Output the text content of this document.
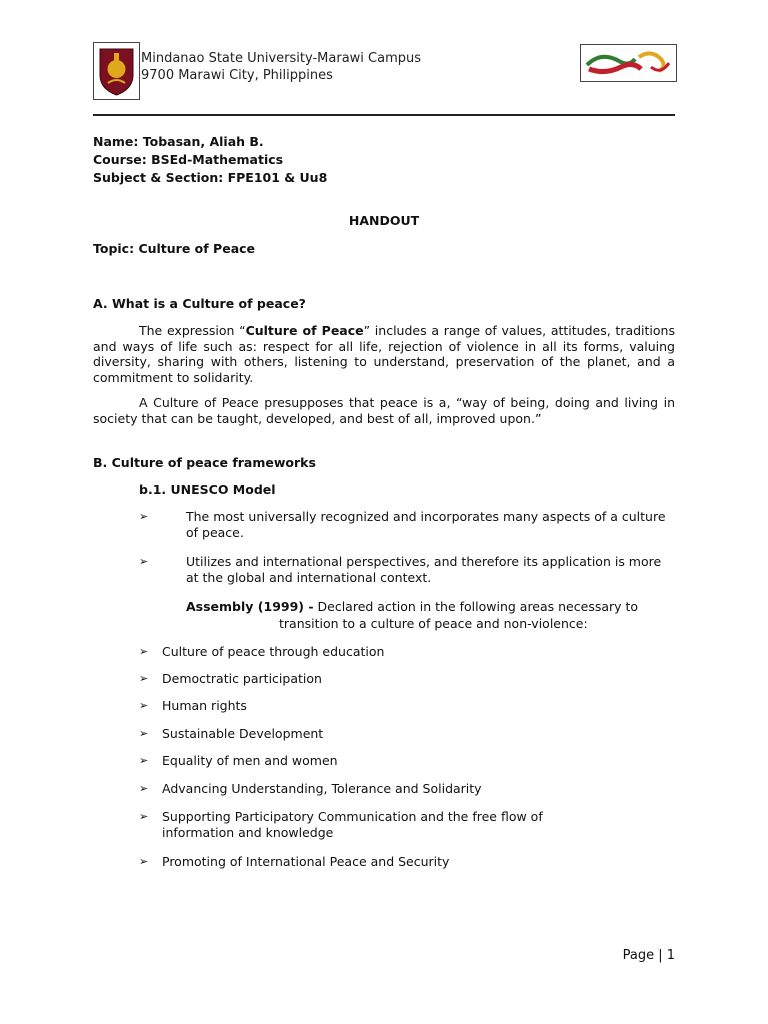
Mindanao State University-Marawi Campus
9700 Marawi City, Philippines
Name: Tobasan, Aliah B.
Course: BSEd-Mathematics
Subject & Section: FPE101 & Uu8
HANDOUT
Topic: Culture of Peace
A. What is a Culture of peace?
The expression “Culture of Peace” includes a range of values, attitudes, traditions and ways of life such as: respect for all life, rejection of violence in all its forms, valuing diversity, sharing with others, listening to understand, preservation of the planet, and a commitment to solidarity.
A Culture of Peace presupposes that peace is a, “way of being, doing and living in society that can be taught, developed, and best of all, improved upon.”
B. Culture of peace frameworks
b.1. UNESCO Model
➢	The most universally recognized and incorporates many aspects of a culture of peace.
➢	Utilizes and international perspectives, and therefore its application is more at the global and international context.
Assembly (1999) - Declared action in the following areas necessary to
transition to a culture of peace and non-violence:
➢ Culture of peace through education
➢ Democtratic participation
➢ Human rights
➢ Sustainable Development
➢ Equality of men and women
➢ Advancing Understanding, Tolerance and Solidarity
➢ Supporting Participatory Communication and the free flow of information and knowledge
➢ Promoting of International Peace and Security
Page | 1
